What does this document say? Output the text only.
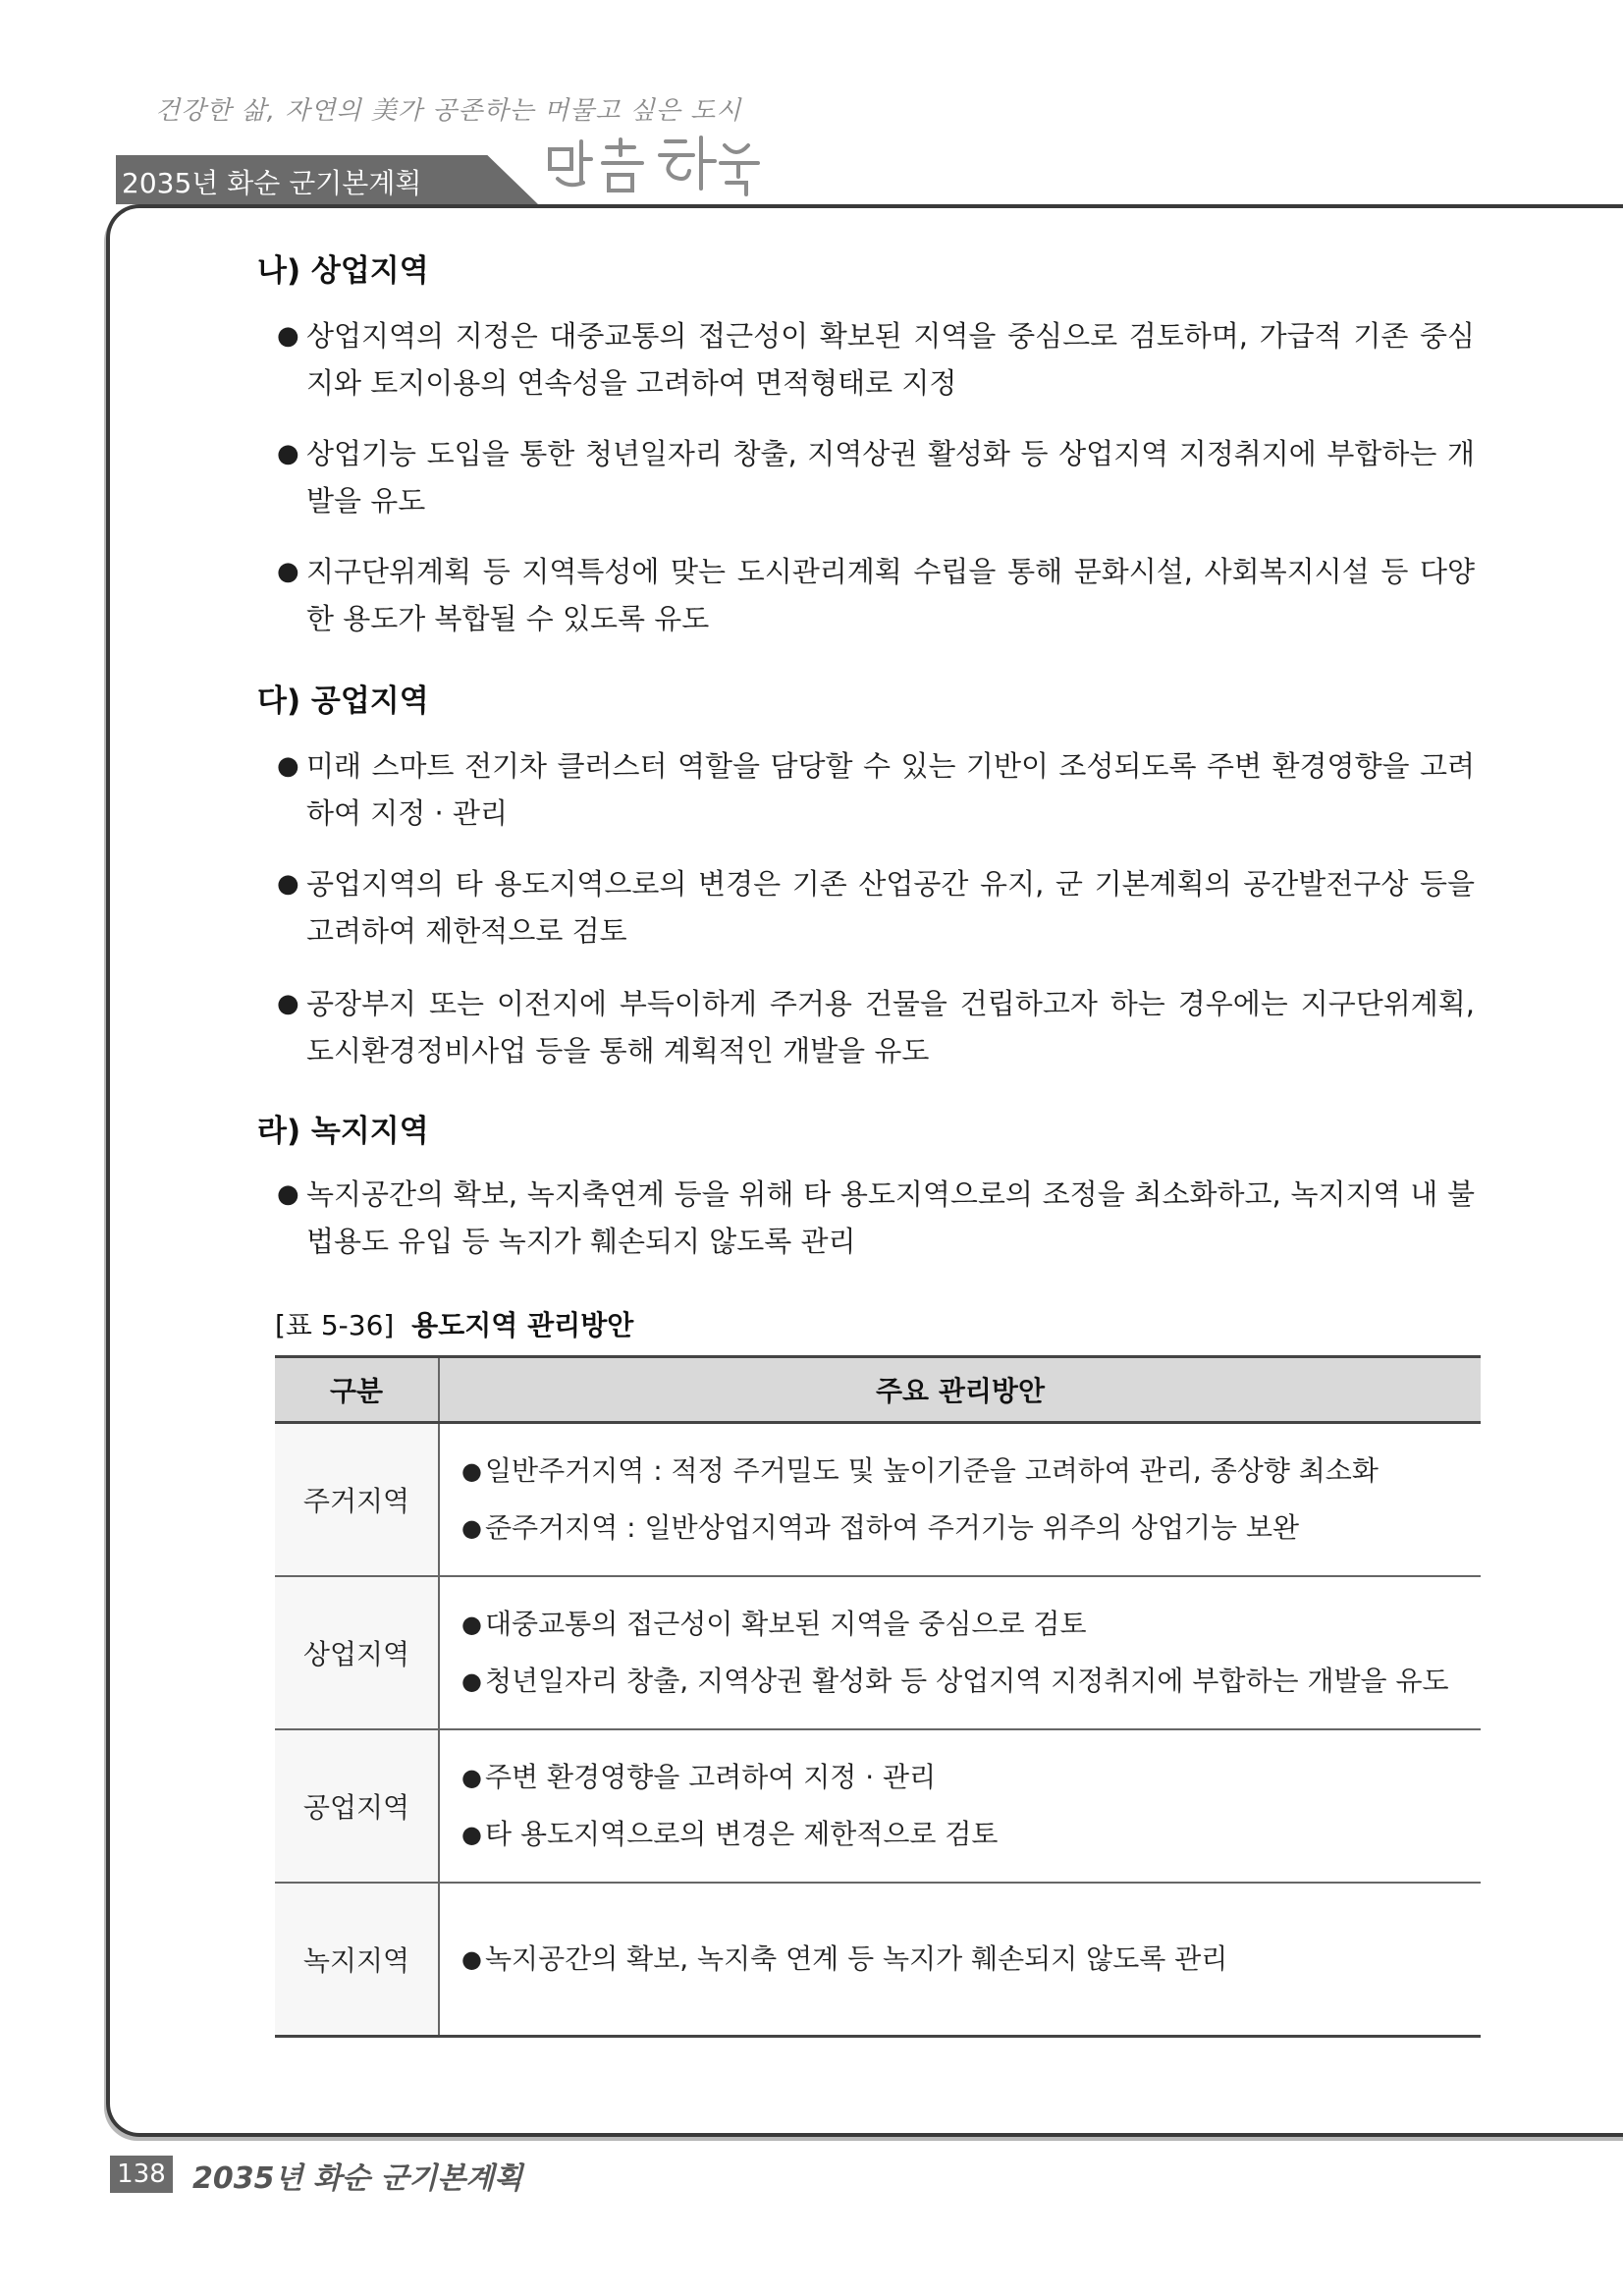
건강한 삶, 자연의 美가 공존하는 머물고 싶은 도시
2035년 화순 군기본계획
나) 상업지역
● 상업지역의 지정은 대중교통의 접근성이 확보된 지역을 중심으로 검토하며, 가급적 기존 중심지와 토지이용의 연속성을 고려하여 면적형태로 지정
● 상업기능 도입을 통한 청년일자리 창출, 지역상권 활성화 등 상업지역 지정취지에 부합하는 개발을 유도
● 지구단위계획 등 지역특성에 맞는 도시관리계획 수립을 통해 문화시설, 사회복지시설 등 다양한 용도가 복합될 수 있도록 유도
다) 공업지역
● 미래 스마트 전기차 클러스터 역할을 담당할 수 있는 기반이 조성되도록 주변 환경영향을 고려하여 지정 · 관리
● 공업지역의 타 용도지역으로의 변경은 기존 산업공간 유지, 군 기본계획의 공간발전구상 등을 고려하여 제한적으로 검토
● 공장부지 또는 이전지에 부득이하게 주거용 건물을 건립하고자 하는 경우에는 지구단위계획, 도시환경정비사업 등을 통해 계획적인 개발을 유도
라) 녹지지역
● 녹지공간의 확보, 녹지축연계 등을 위해 타 용도지역으로의 조정을 최소화하고, 녹지지역 내 불법용도 유입 등 녹지가 훼손되지 않도록 관리
[표 5-36] 용도지역 관리방안
구분	주요 관리방안
주거지역	● 일반주거지역 : 적정 주거밀도 및 높이기준을 고려하여 관리, 종상향 최소화
● 준주거지역 : 일반상업지역과 접하여 주거기능 위주의 상업기능 보완

상업지역	● 대중교통의 접근성이 확보된 지역을 중심으로 검토
● 청년일자리 창출, 지역상권 활성화 등 상업지역 지정취지에 부합하는 개발을 유도

공업지역	● 주변 환경영향을 고려하여 지정 · 관리
● 타 용도지역으로의 변경은 제한적으로 검토

녹지지역	● 녹지공간의 확보, 녹지축 연계 등 녹지가 훼손되지 않도록 관리
138 2035년 화순 군기본계획
